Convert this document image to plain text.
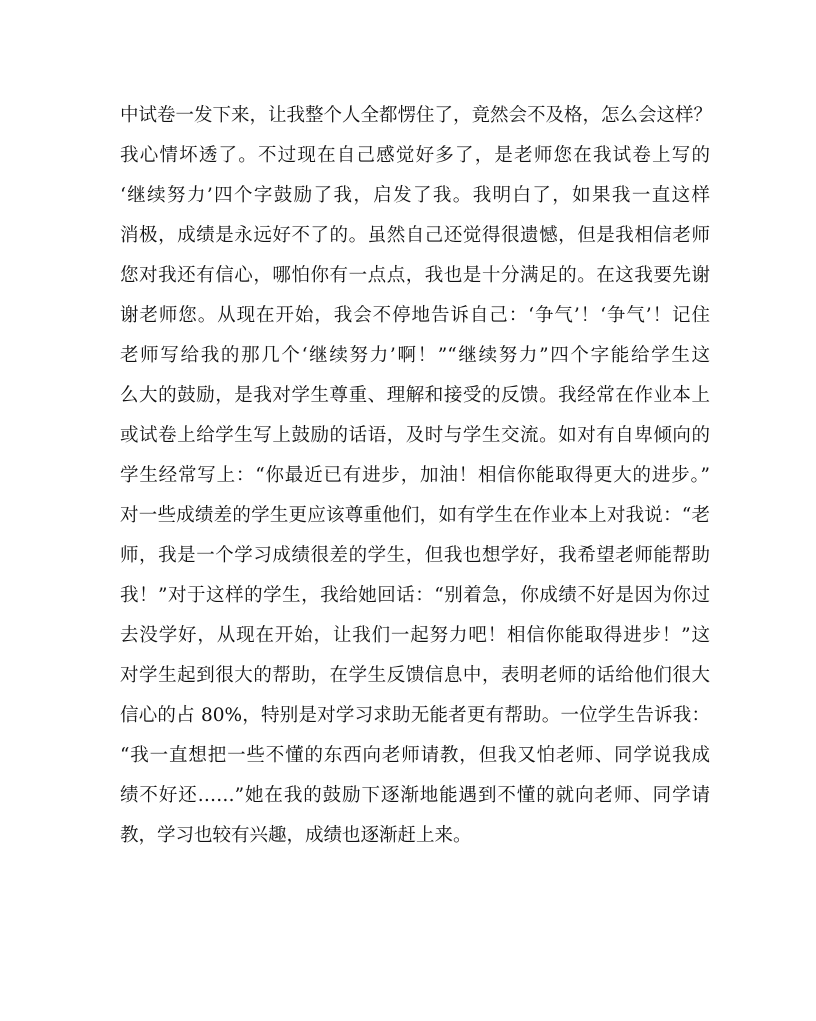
中试卷一发下来，让我整个人全都愣住了，竟然会不及格，怎么会这样？
我心情坏透了。不过现在自己感觉好多了，是老师您在我试卷上写的
‘继续努力’四个字鼓励了我，启发了我。我明白了，如果我一直这样
消极，成绩是永远好不了的。虽然自己还觉得很遗憾，但是我相信老师
您对我还有信心，哪怕你有一点点，我也是十分满足的。在这我要先谢
谢老师您。从现在开始，我会不停地告诉自己：‘争气’！‘争气’！记住
老师写给我的那几个‘继续努力’啊！”“继续努力”四个字能给学生这
么大的鼓励，是我对学生尊重、理解和接受的反馈。我经常在作业本上
或试卷上给学生写上鼓励的话语，及时与学生交流。如对有自卑倾向的
学生经常写上：“你最近已有进步，加油！相信你能取得更大的进步。”
对一些成绩差的学生更应该尊重他们，如有学生在作业本上对我说：“老
师，我是一个学习成绩很差的学生，但我也想学好，我希望老师能帮助
我！”对于这样的学生，我给她回话：“别着急，你成绩不好是因为你过
去没学好，从现在开始，让我们一起努力吧！相信你能取得进步！”这
对学生起到很大的帮助，在学生反馈信息中，表明老师的话给他们很大
信心的占 80%，特别是对学习求助无能者更有帮助。一位学生告诉我：
“我一直想把一些不懂的东西向老师请教，但我又怕老师、同学说我成
绩不好还……”她在我的鼓励下逐渐地能遇到不懂的就向老师、同学请
教，学习也较有兴趣，成绩也逐渐赶上来。
